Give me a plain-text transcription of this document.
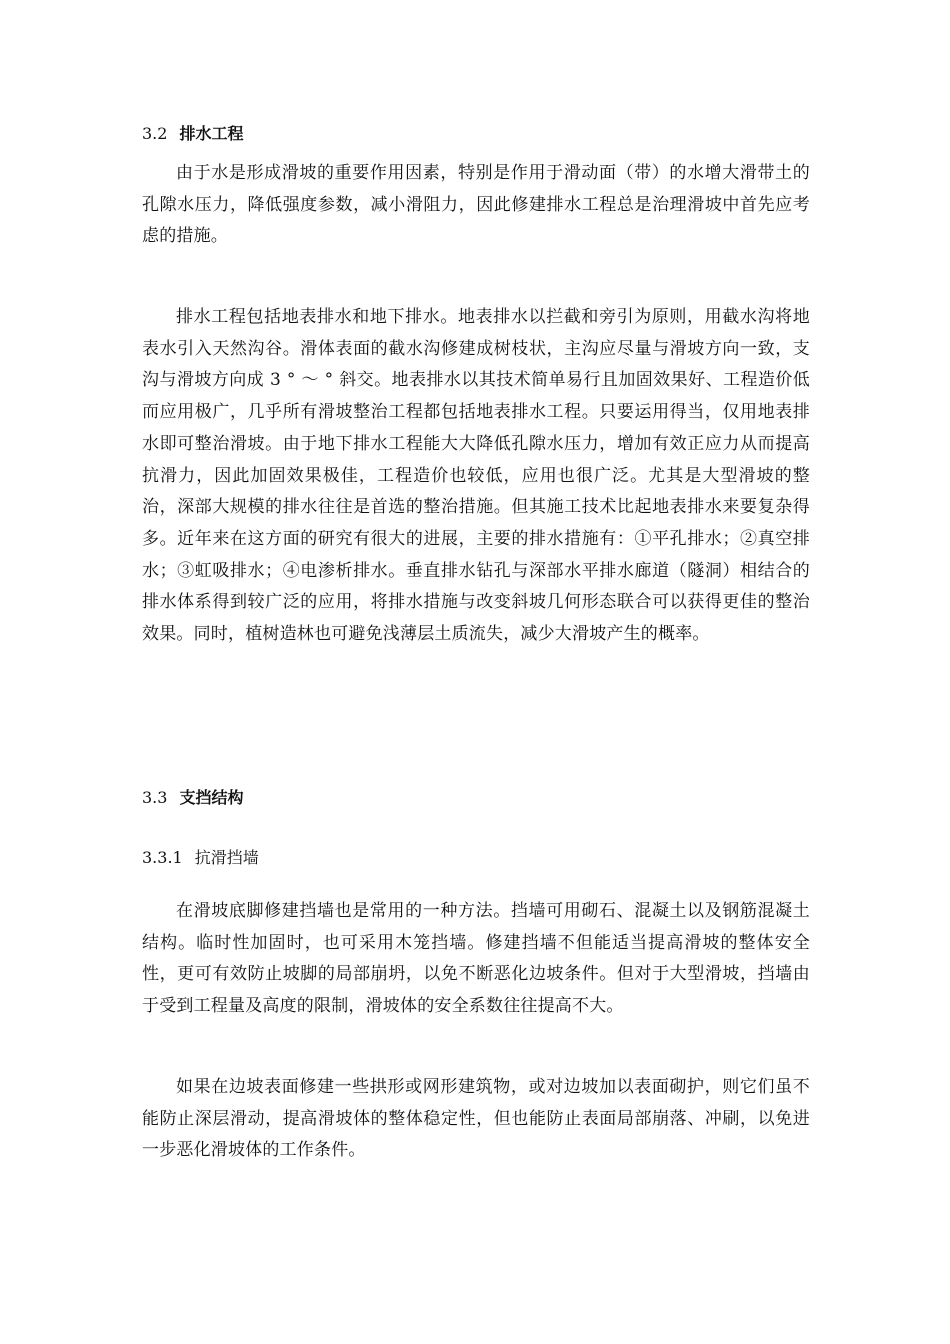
3.2 排水工程

由于水是形成滑坡的重要作用因素，特别是作用于滑动面（带）的水增大滑带土的孔隙水压力，降低强度参数，减小滑阻力，因此修建排水工程总是治理滑坡中首先应考虑的措施。

排水工程包括地表排水和地下排水。地表排水以拦截和旁引为原则，用截水沟将地表水引入天然沟谷。滑体表面的截水沟修建成树枝状，主沟应尽量与滑坡方向一致，支沟与滑坡方向成 3 ° ～ ° 斜交。地表排水以其技术简单易行且加固效果好、工程造价低而应用极广，几乎所有滑坡整治工程都包括地表排水工程。只要运用得当，仅用地表排水即可整治滑坡。由于地下排水工程能大大降低孔隙水压力，增加有效正应力从而提高抗滑力，因此加固效果极佳，工程造价也较低，应用也很广泛。尤其是大型滑坡的整治，深部大规模的排水往往是首选的整治措施。但其施工技术比起地表排水来要复杂得多。近年来在这方面的研究有很大的进展，主要的排水措施有：①平孔排水；②真空排水；③虹吸排水；④电渗析排水。垂直排水钻孔与深部水平排水廊道（隧洞）相结合的排水体系得到较广泛的应用，将排水措施与改变斜坡几何形态联合可以获得更佳的整治效果。同时，植树造林也可避免浅薄层土质流失，减少大滑坡产生的概率。

3.3 支挡结构
3.3.1 抗滑挡墙

在滑坡底脚修建挡墙也是常用的一种方法。挡墙可用砌石、混凝土以及钢筋混凝土结构。临时性加固时，也可采用木笼挡墙。修建挡墙不但能适当提高滑坡的整体安全性，更可有效防止坡脚的局部崩坍，以免不断恶化边坡条件。但对于大型滑坡，挡墙由于受到工程量及高度的限制，滑坡体的安全系数往往提高不大。

如果在边坡表面修建一些拱形或网形建筑物，或对边坡加以表面砌护，则它们虽不能防止深层滑动，提高滑坡体的整体稳定性，但也能防止表面局部崩落、冲刷，以免进一步恶化滑坡体的工作条件。
